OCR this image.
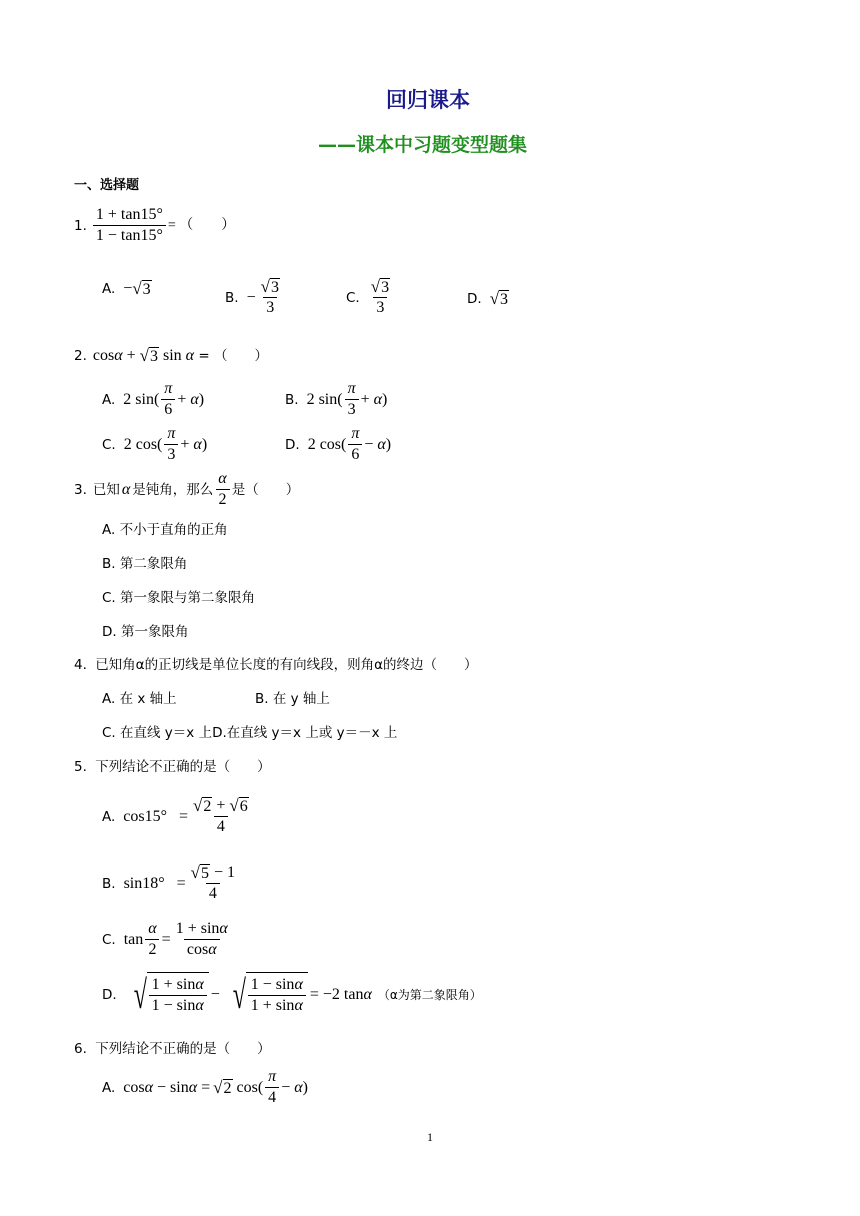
回归课本
——课本中习题变型题集
一、选择题
1. $\frac{1 + \tan 15^\circ}{1 - \tan 15^\circ}$ = （　　）
A. − √ 3	B. − $\frac{√ 3}{3}$	C. $\frac{√ 3}{3}$	D. √ 3
2. cos α + √ 3 sin α = （　　）
A. 2 $\sin( \frac{\pi}{6} + \alpha)$	B. 2 $\sin( \frac{\pi}{3} + \alpha)$
C. 2 $\cos( \frac{\pi}{3} + \alpha)$	D. 2 $\cos( \frac{\pi}{6} - \alpha)$
3. 已知 α 是钝角，那么 $\frac{\alpha}{2}$ 是（　　）
A. 不小于直角的正角
B. 第二象限角
C. 第一象限与第二象限角
D. 第一象限角
4. 已知角α的正切线是单位长度的有向线段，则角α的终边（　　）
A. 在 x 轴上	B. 在 y 轴上
C. 在直线 y＝x 上D.在直线 y＝x 上或 y＝－x 上
5. 下列结论不正确的是（　　）
A. $\cos 15^\circ = \frac{√ 2 + √ 6}{4}$
B. $\sin 18^\circ = \frac{√ 5 - 1}{4}$
C. $\tan \frac{\alpha}{2} = \frac{1 + \sin\alpha}{\cos\alpha}$
D. √ $\frac{1 + \sin\alpha}{1 - \sin\alpha}$ − √ $\frac{1 - \sin\alpha}{1 + \sin\alpha} = -2$ tanα （α为第二象限角）
6. 下列结论不正确的是（　　）
A. cosα − sinα = √ 2 $\cos( \frac{\pi}{4} - \alpha)$
1
